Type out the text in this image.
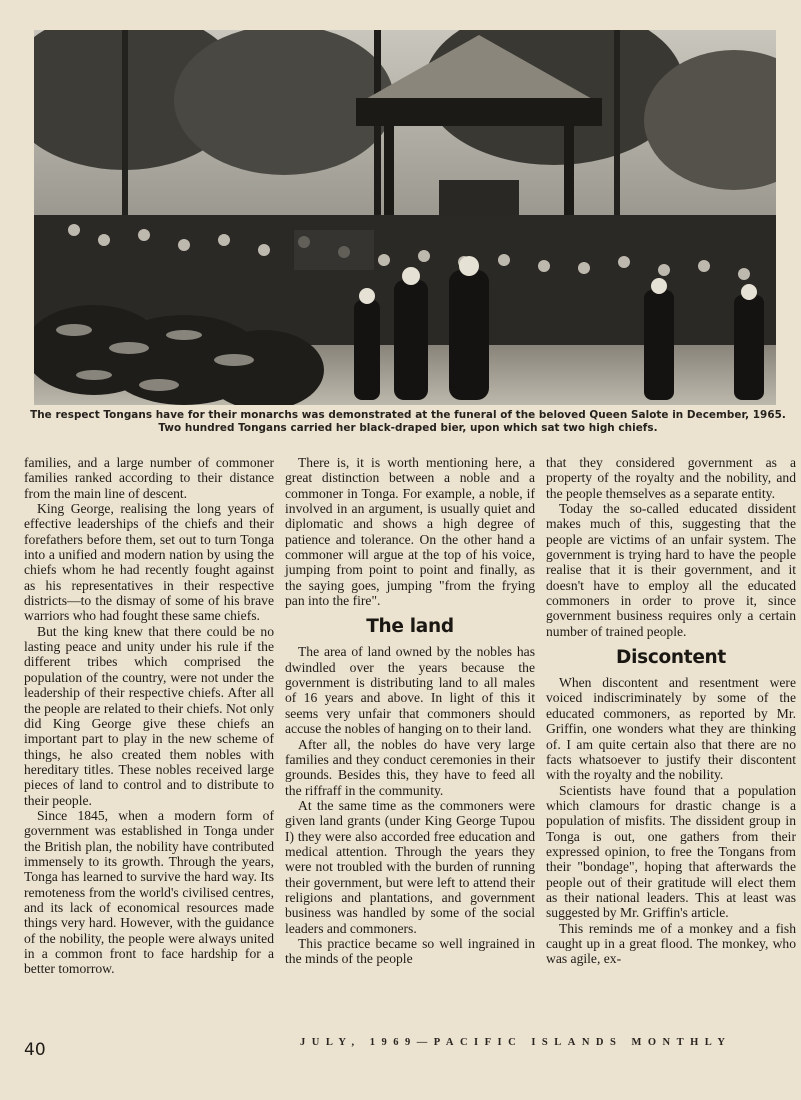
The respect Tongans have for their monarchs was demonstrated at the funeral of the beloved Queen Salote in December, 1965.

Two hundred Tongans carried her black-draped bier, upon which sat two high chiefs.

families, and a large number of commoner families ranked according to their distance from the main line of descent.

King George, realising the long years of effective leaderships of the chiefs and their forefathers before them, set out to turn Tonga into a unified and modern nation by using the chiefs whom he had recently fought against as his representatives in their respective districts—to the dismay of some of his brave warriors who had fought these same chiefs.

But the king knew that there could be no lasting peace and unity under his rule if the different tribes which comprised the population of the country, were not under the leadership of their respective chiefs. After all the people are related to their chiefs. Not only did King George give these chiefs an important part to play in the new scheme of things, he also created them nobles with hereditary titles. These nobles received large pieces of land to control and to distribute to their people.

Since 1845, when a modern form of government was established in Tonga under the British plan, the nobility have contributed immensely to its growth. Through the years, Tonga has learned to survive the hard way. Its remoteness from the world's civilised centres, and its lack of economical resources made things very hard. However, with the guidance of the nobility, the people were always united in a common front to face hardship for a better tomorrow.

There is, it is worth mentioning here, a great distinction between a noble and a commoner in Tonga. For example, a noble, if involved in an argument, is usually quiet and diplomatic and shows a high degree of patience and tolerance. On the other hand a commoner will argue at the top of his voice, jumping from point to point and finally, as the saying goes, jumping "from the frying pan into the fire".

The land

The area of land owned by the nobles has dwindled over the years because the government is distributing land to all males of 16 years and above. In light of this it seems very unfair that commoners should accuse the nobles of hanging on to their land.

After all, the nobles do have very large families and they conduct ceremonies in their grounds. Besides this, they have to feed all the riffraff in the community.

At the same time as the commoners were given land grants (under King George Tupou I) they were also accorded free education and medical attention. Through the years they were not troubled with the burden of running their government, but were left to attend their religions and plantations, and government business was handled by some of the social leaders and commoners.

This practice became so well ingrained in the minds of the people

that they considered government as a property of the royalty and the nobility, and the people themselves as a separate entity.

Today the so-called educated dissident makes much of this, suggesting that the people are victims of an unfair system. The government is trying hard to have the people realise that it is their government, and it doesn't have to employ all the educated commoners in order to prove it, since government business requires only a certain number of trained people.

Discontent

When discontent and resentment were voiced indiscriminately by some of the educated commoners, as reported by Mr. Griffin, one wonders what they are thinking of. I am quite certain also that there are no facts whatsoever to justify their discontent with the royalty and the nobility.

Scientists have found that a population which clamours for drastic change is a population of misfits. The dissident group in Tonga is out, one gathers from their expressed opinion, to free the Tongans from their "bondage", hoping that afterwards the people out of their gratitude will elect them as their national leaders. This at least was suggested by Mr. Griffin's article.

This reminds me of a monkey and a fish caught up in a great flood. The monkey, who was agile, ex-

40	JULY, 1969—PACIFIC ISLANDS MONTHLY
